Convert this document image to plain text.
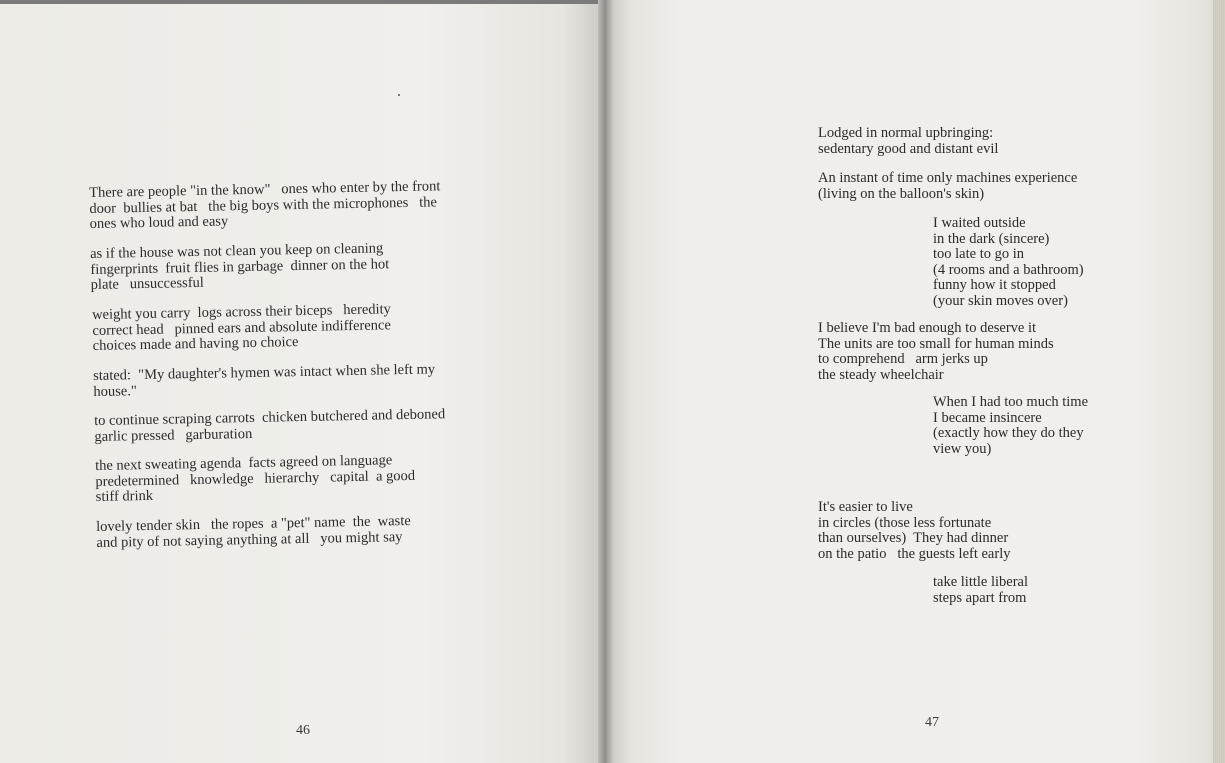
There are people "in the know"   ones who enter by the front
door  bullies at bat   the big boys with the microphones   the
ones who loud and easy

as if the house was not clean you keep on cleaning
fingerprints  fruit flies in garbage  dinner on the hot
plate   unsuccessful

weight you carry  logs across their biceps   heredity
correct head   pinned ears and absolute indifference
choices made and having no choice

stated:  "My daughter's hymen was intact when she left my
house."

to continue scraping carrots  chicken butchered and deboned
garlic pressed   garburation

the next sweating agenda  facts agreed on language
predetermined   knowledge   hierarchy   capital  a good
stiff drink

lovely tender skin   the ropes  a "pet" name  the  waste
and pity of not saying anything at all   you might say

46

Lodged in normal upbringing:
sedentary good and distant evil

An instant of time only machines experience
(living on the balloon's skin)

I waited outside
in the dark (sincere)
too late to go in
(4 rooms and a bathroom)
funny how it stopped
(your skin moves over)

I believe I'm bad enough to deserve it
The units are too small for human minds
to comprehend   arm jerks up
the steady wheelchair

When I had too much time
I became insincere
(exactly how they do they
view you)

It's easier to live
in circles (those less fortunate
than ourselves)  They had dinner
on the patio   the guests left early

take little liberal
steps apart from

47
